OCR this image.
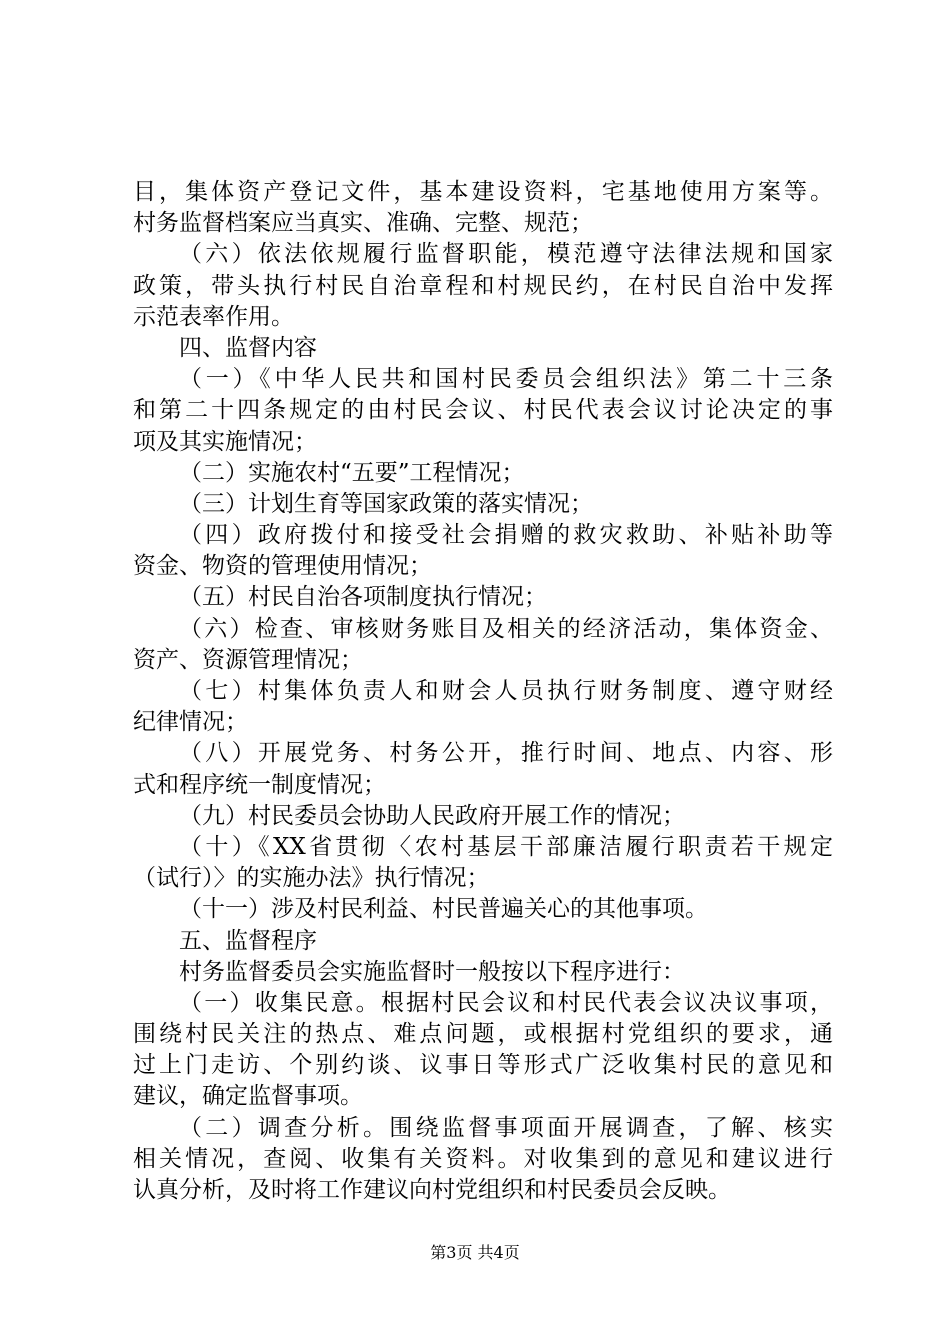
目，集体资产登记文件，基本建设资料，宅基地使用方案等。
村务监督档案应当真实、准确、完整、规范；
（六）依法依规履行监督职能，模范遵守法律法规和国家
政策，带头执行村民自治章程和村规民约，在村民自治中发挥
示范表率作用。
四、监督内容
（一）《中华人民共和国村民委员会组织法》第二十三条
和第二十四条规定的由村民会议、村民代表会议讨论决定的事
项及其实施情况；
（二）实施农村“五要”工程情况；
（三）计划生育等国家政策的落实情况；
（四）政府拨付和接受社会捐赠的救灾救助、补贴补助等
资金、物资的管理使用情况；
（五）村民自治各项制度执行情况；
（六）检查、审核财务账目及相关的经济活动，集体资金、
资产、资源管理情况；
（七）村集体负责人和财会人员执行财务制度、遵守财经
纪律情况；
（八）开展党务、村务公开，推行时间、地点、内容、形
式和程序统一制度情况；
（九）村民委员会协助人民政府开展工作的情况；
（十）《XX省贯彻〈农村基层干部廉洁履行职责若干规定
（试行）〉的实施办法》执行情况；
（十一）涉及村民利益、村民普遍关心的其他事项。
五、监督程序
村务监督委员会实施监督时一般按以下程序进行：
（一）收集民意。根据村民会议和村民代表会议决议事项，
围绕村民关注的热点、难点问题，或根据村党组织的要求，通
过上门走访、个别约谈、议事日等形式广泛收集村民的意见和
建议，确定监督事项。
（二）调查分析。围绕监督事项面开展调查，了解、核实
相关情况，查阅、收集有关资料。对收集到的意见和建议进行
认真分析，及时将工作建议向村党组织和村民委员会反映。
第3页 共4页
